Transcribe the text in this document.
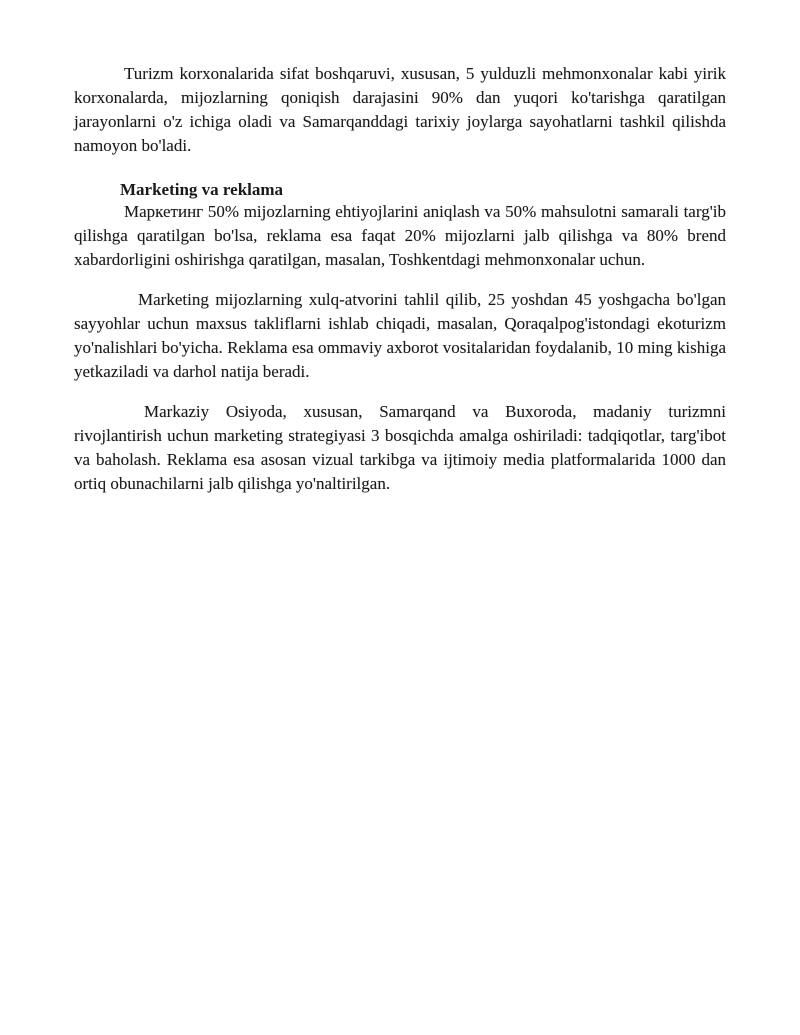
Turizm korxonalarida sifat boshqaruvi, xususan, 5 yulduzli mehmonxonalar kabi yirik korxonalarda, mijozlarning qoniqish darajasini 90% dan yuqori ko'tarishga qaratilgan jarayonlarni o'z ichiga oladi va Samarqanddagi tarixiy joylarga sayohatlarni tashkil qilishda namoyon bo'ladi.

Marketing va reklama

Маркетинг 50% mijozlarning ehtiyojlarini aniqlash va 50% mahsulotni samarali targ'ib qilishga qaratilgan bo'lsa, reklama esa faqat 20% mijozlarni jalb qilishga va 80% brend xabardorligini oshirishga qaratilgan, masalan, Toshkentdagi mehmonxonalar uchun.

Marketing mijozlarning xulq-atvorini tahlil qilib, 25 yoshdan 45 yoshgacha bo'lgan sayyohlar uchun maxsus takliflarni ishlab chiqadi, masalan, Qoraqalpog'istondagi ekoturizm yo'nalishlari bo'yicha. Reklama esa ommaviy axborot vositalaridan foydalanib, 10 ming kishiga yetkaziladi va darhol natija beradi.

Markaziy Osiyoda, xususan, Samarqand va Buxoroda, madaniy turizmni rivojlantirish uchun marketing strategiyasi 3 bosqichda amalga oshiriladi: tadqiqotlar, targ'ibot va baholash. Reklama esa asosan vizual tarkibga va ijtimoiy media platformalarida 1000 dan ortiq obunachilarni jalb qilishga yo'naltirilgan.
